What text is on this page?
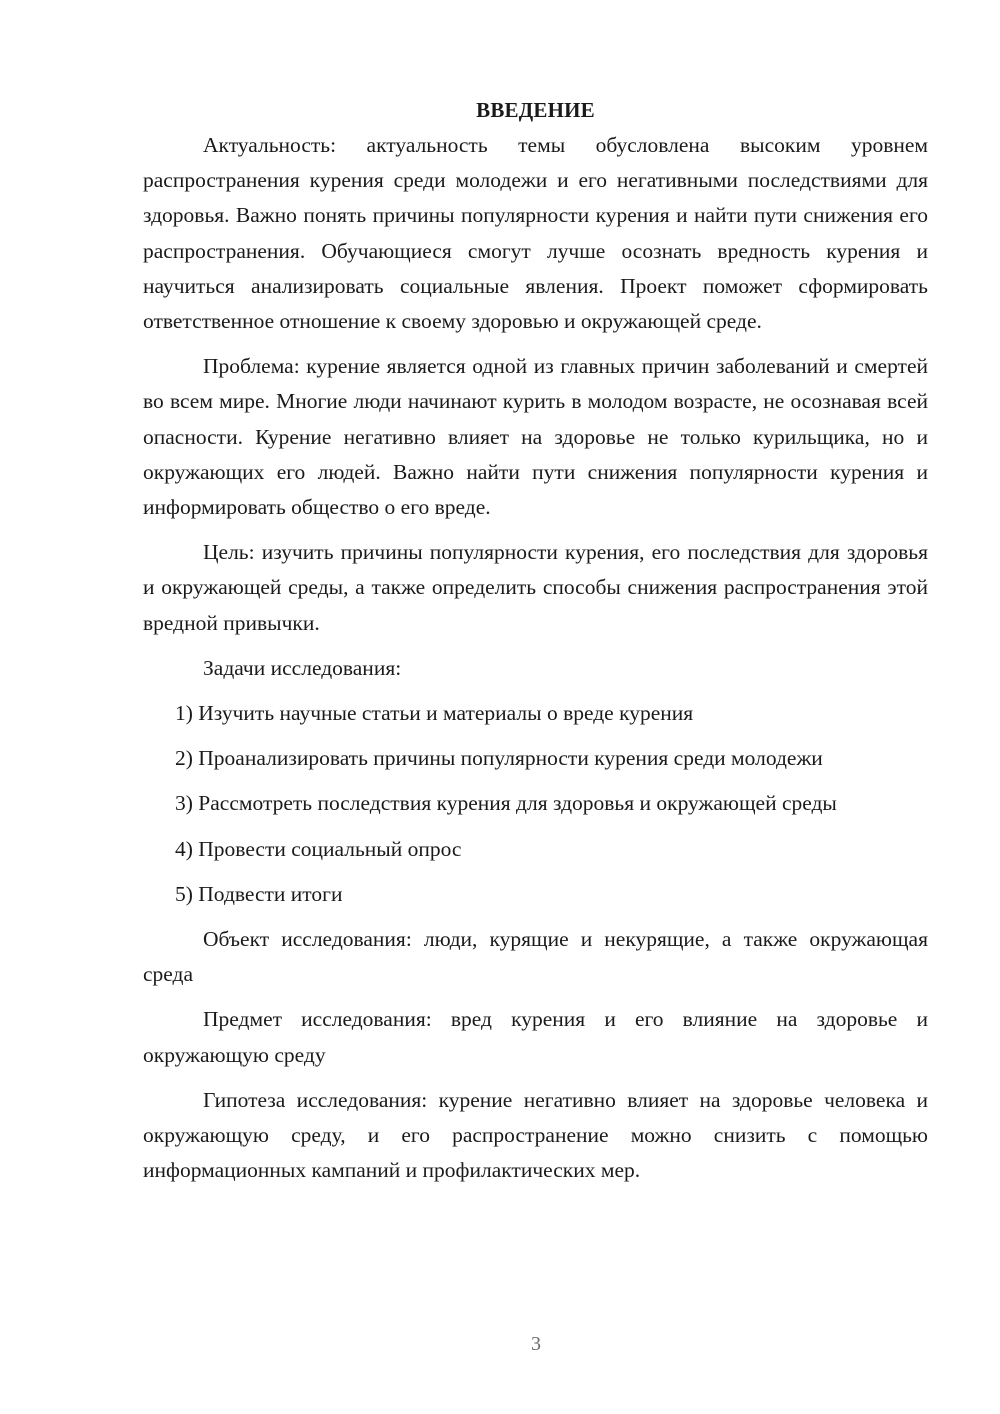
ВВЕДЕНИЕ

Актуальность: актуальность темы обусловлена высоким уровнем распространения курения среди молодежи и его негативными последствиями для здоровья. Важно понять причины популярности курения и найти пути снижения его распространения. Обучающиеся смогут лучше осознать вредность курения и научиться анализировать социальные явления. Проект поможет сформировать ответственное отношение к своему здоровью и окружающей среде.

Проблема: курение является одной из главных причин заболеваний и смертей во всем мире. Многие люди начинают курить в молодом возрасте, не осознавая всей опасности. Курение негативно влияет на здоровье не только курильщика, но и окружающих его людей. Важно найти пути снижения популярности курения и информировать общество о его вреде.

Цель: изучить причины популярности курения, его последствия для здоровья и окружающей среды, а также определить способы снижения распространения этой вредной привычки.

Задачи исследования:

1) Изучить научные статьи и материалы о вреде курения

2) Проанализировать причины популярности курения среди молодежи

3) Рассмотреть последствия курения для здоровья и окружающей среды

4) Провести социальный опрос

5) Подвести итоги

Объект исследования: люди, курящие и некурящие, а также окружающая среда

Предмет исследования: вред курения и его влияние на здоровье и окружающую среду

Гипотеза исследования: курение негативно влияет на здоровье человека и окружающую среду, и его распространение можно снизить с помощью информационных кампаний и профилактических мер.

3
